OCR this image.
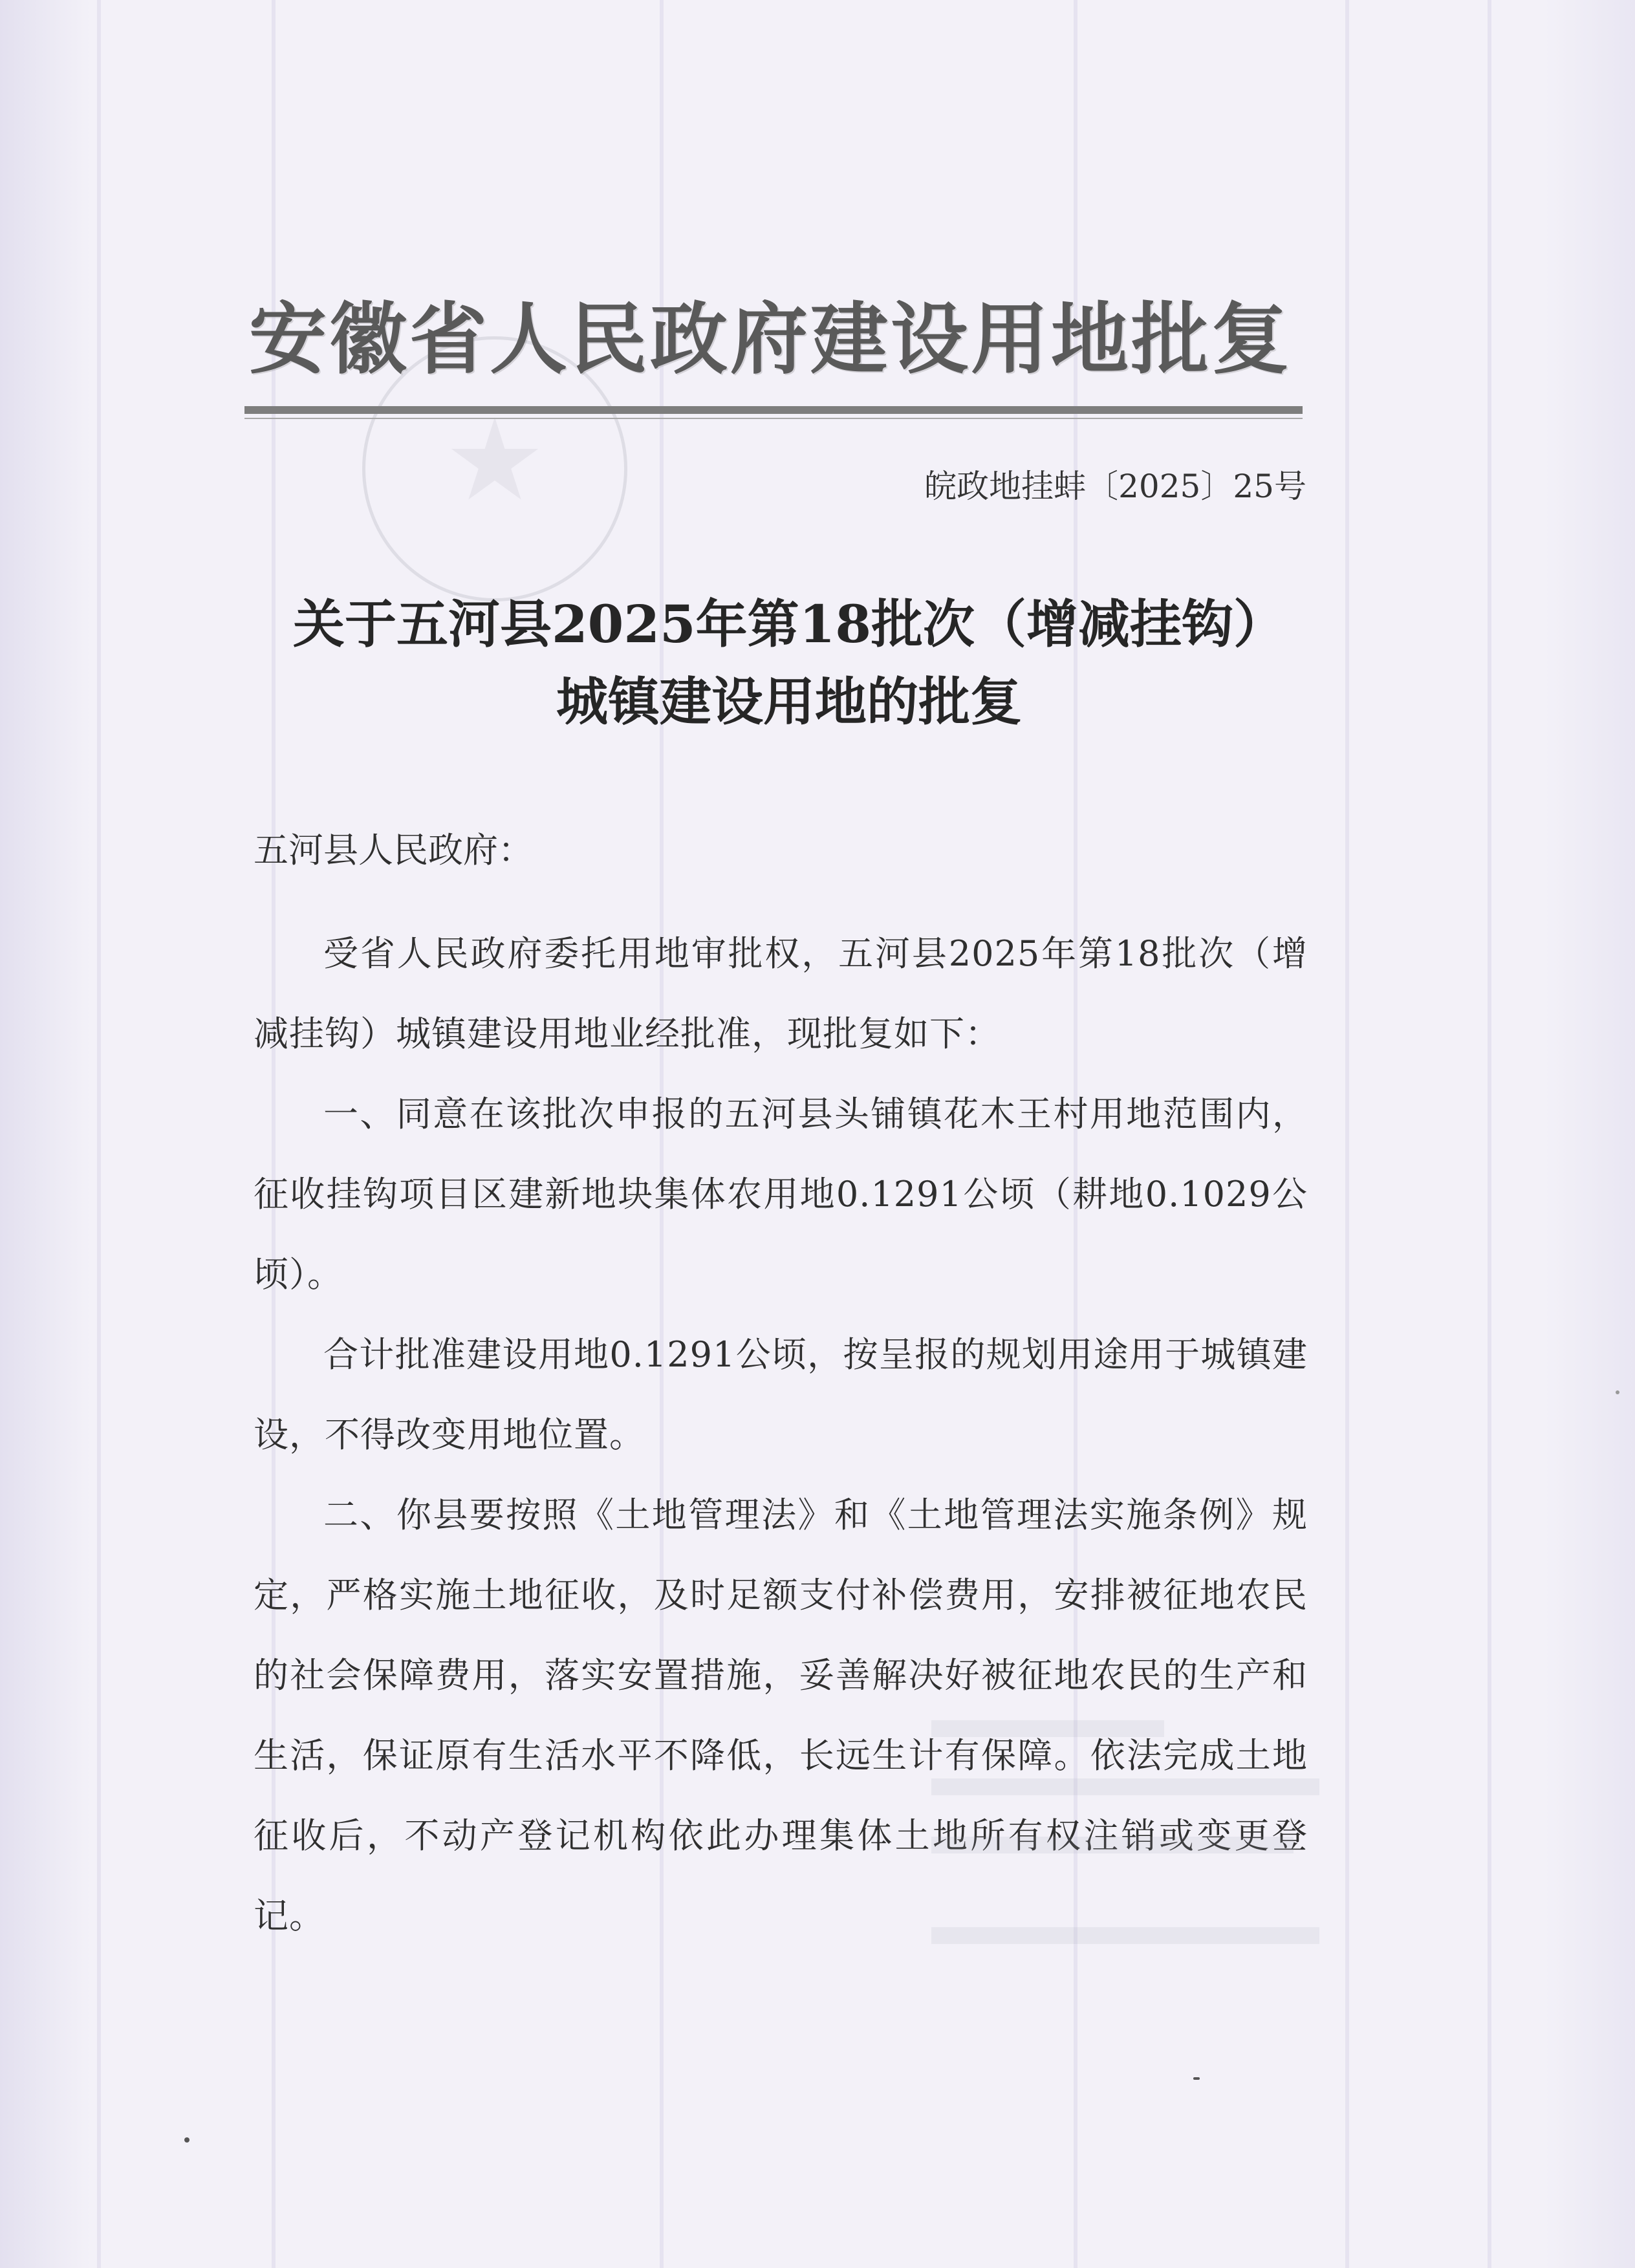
安徽省人民政府建设用地批复
皖政地挂蚌〔2025〕25号
关于五河县2025年第18批次（增减挂钩）
城镇建设用地的批复
五河县人民政府：

受省人民政府委托用地审批权，五河县2025年第18批次（增减挂钩）城镇建设用地业经批准，现批复如下：

一、同意在该批次申报的五河县头铺镇花木王村用地范围内，征收挂钩项目区建新地块集体农用地0.1291公顷（耕地0.1029公顷）。

合计批准建设用地0.1291公顷，按呈报的规划用途用于城镇建设，不得改变用地位置。

二、你县要按照《土地管理法》和《土地管理法实施条例》规定，严格实施土地征收，及时足额支付补偿费用，安排被征地农民的社会保障费用，落实安置措施，妥善解决好被征地农民的生产和生活，保证原有生活水平不降低，长远生计有保障。依法完成土地征收后，不动产登记机构依此办理集体土地所有权注销或变更登记。
